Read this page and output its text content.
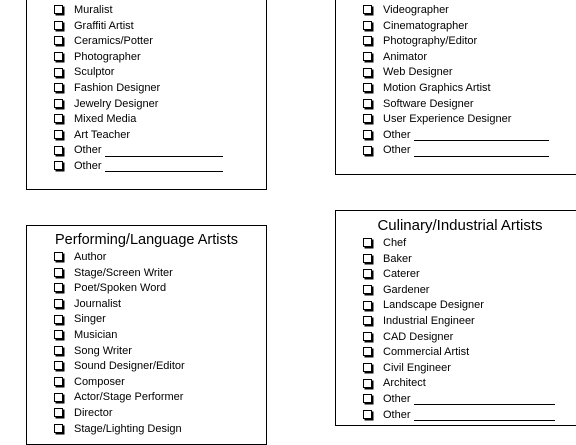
Muralist
Graffiti Artist
Ceramics/Potter
Photographer
Sculptor
Fashion Designer
Jewelry Designer
Mixed Media
Art Teacher
Other
Other
Videographer
Cinematographer
Photography/Editor
Animator
Web Designer
Motion Graphics Artist
Software Designer
User Experience Designer
Other
Other
Performing/Language Artists
Author
Stage/Screen Writer
Poet/Spoken Word
Journalist
Singer
Musician
Song Writer
Sound Designer/Editor
Composer
Actor/Stage Performer
Director
Stage/Lighting Design
Culinary/Industrial Artists
Chef
Baker
Caterer
Gardener
Landscape Designer
Industrial Engineer
CAD Designer
Commercial Artist
Civil Engineer
Architect
Other
Other
